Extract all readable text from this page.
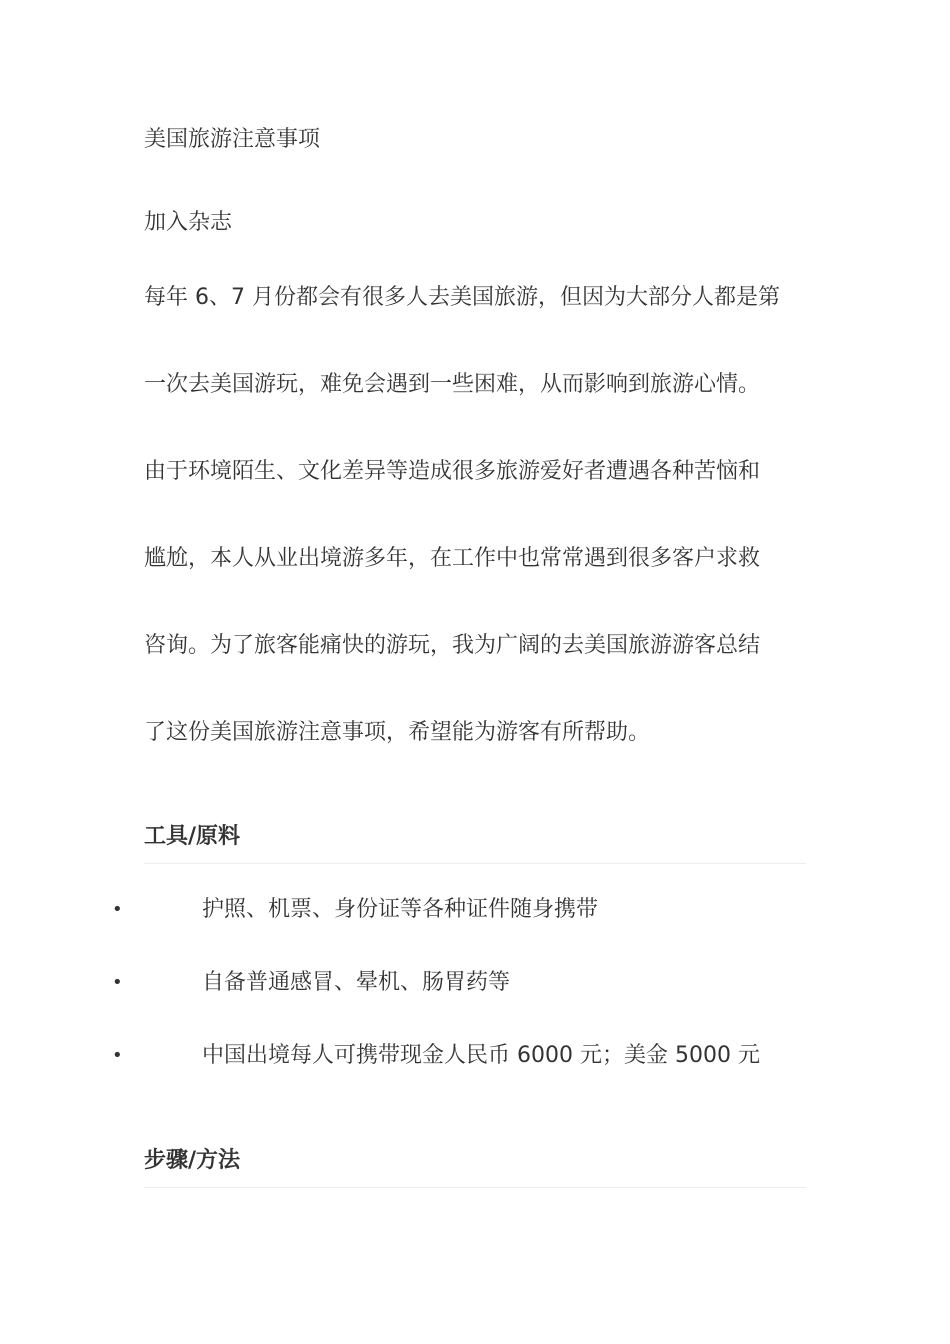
美国旅游注意事项
加入杂志
每年 6、7 月份都会有很多人去美国旅游，但因为大部分人都是第
一次去美国游玩，难免会遇到一些困难，从而影响到旅游心情。
由于环境陌生、文化差异等造成很多旅游爱好者遭遇各种苦恼和
尴尬，本人从业出境游多年，在工作中也常常遇到很多客户求救
咨询。为了旅客能痛快的游玩，我为广阔的去美国旅游游客总结
了这份美国旅游注意事项，希望能为游客有所帮助。
工具/原料
•	护照、机票、身份证等各种证件随身携带
•	自备普通感冒、晕机、肠胃药等
•	中国出境每人可携带现金人民币 6000 元；美金 5000 元
步骤/方法
